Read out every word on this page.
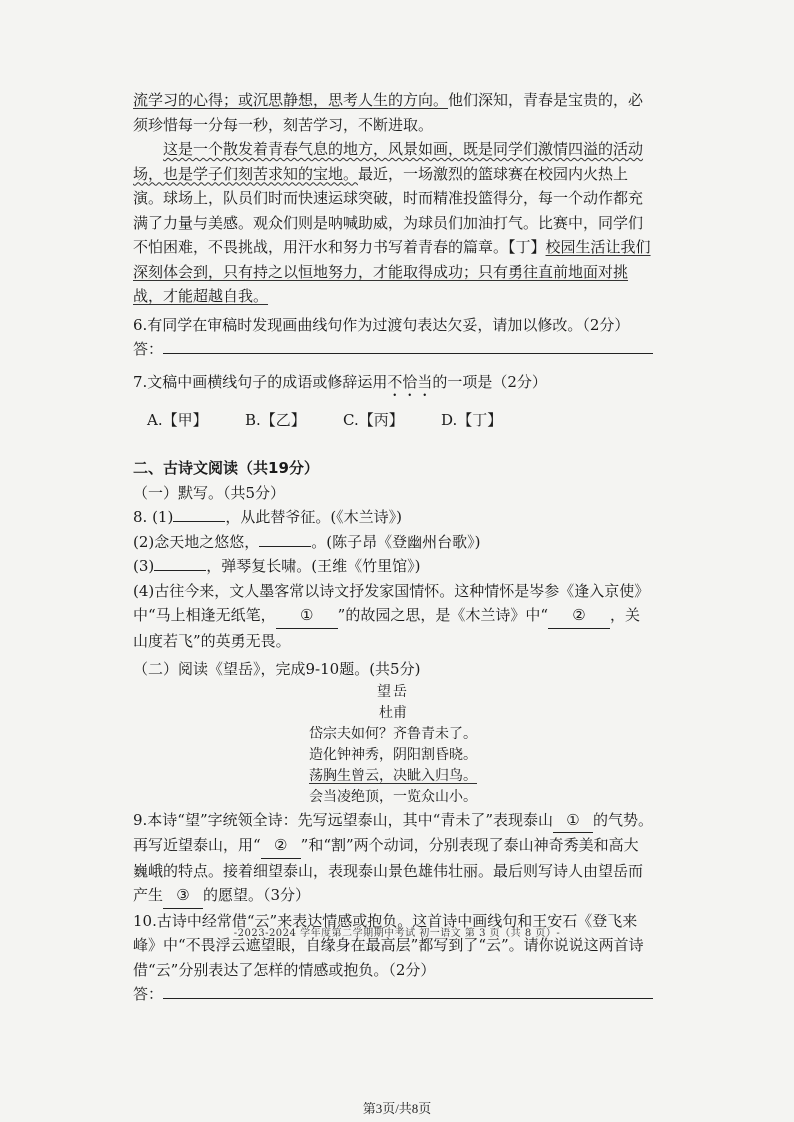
流学习的心得；或沉思静想，思考人生的方向。他们深知，青春是宝贵的，必须珍惜每一分每一秒，刻苦学习，不断进取。

这是一个散发着青春气息的地方，风景如画，既是同学们激情四溢的活动场，也是学子们刻苦求知的宝地。最近，一场激烈的篮球赛在校园内火热上演。球场上，队员们时而快速运球突破，时而精准投篮得分，每一个动作都充满了力量与美感。观众们则是呐喊助威，为球员们加油打气。比赛中，同学们不怕困难，不畏挑战，用汗水和努力书写着青春的篇章。【丁】校园生活让我们深刻体会到，只有持之以恒地努力，才能取得成功；只有勇往直前地面对挑战，才能超越自我。

6.有同学在审稿时发现画曲线句作为过渡句表达欠妥，请加以修改。（2分）

答：

7.文稿中画横线句子的成语或修辞运用不恰当的一项是（2分）

A.【甲】	B.【乙】	C.【丙】	D.【丁】

二、古诗文阅读（共19分）

（一）默写。（共5分）

8. (1)	，从此替爷征。(《木兰诗》)

(2)念天地之悠悠，	。(陈子昂《登幽州台歌》)

(3)	，弹琴复长啸。(王维《竹里馆》)

(4)古往今来，文人墨客常以诗文抒发家国情怀。这种情怀是岑参《逢入京使》中“马上相逢无纸笔， ① ”的故园之思，是《木兰诗》中“ ② ，关山度若飞”的英勇无畏。

（二）阅读《望岳》，完成9-10题。(共5分)

望岳
杜甫
岱宗夫如何？齐鲁青未了。
造化钟神秀，阴阳割昏晓。
荡胸生曾云，决眦入归鸟。
会当凌绝顶，一览众山小。

9.本诗“望”字统领全诗：先写远望泰山，其中“青未了”表现泰山 ① 的气势。再写近望泰山，用“ ② ”和“割”两个动词，分别表现了泰山神奇秀美和高大巍峨的特点。接着细望泰山，表现泰山景色雄伟壮丽。最后则写诗人由望岳而产生 ③ 的愿望。（3分）

10.古诗中经常借“云”来表达情感或抱负。这首诗中画线句和王安石《登飞来峰》中“不畏浮云遮望眼，自缘身在最高层”都写到了“云”。请你说说这两首诗借“云”分别表达了怎样的情感或抱负。（2分）

答：

-2023-2024 学年度第二学期期中考试 初一语文 第 3 页（共 8 页）-
第3页/共8页
